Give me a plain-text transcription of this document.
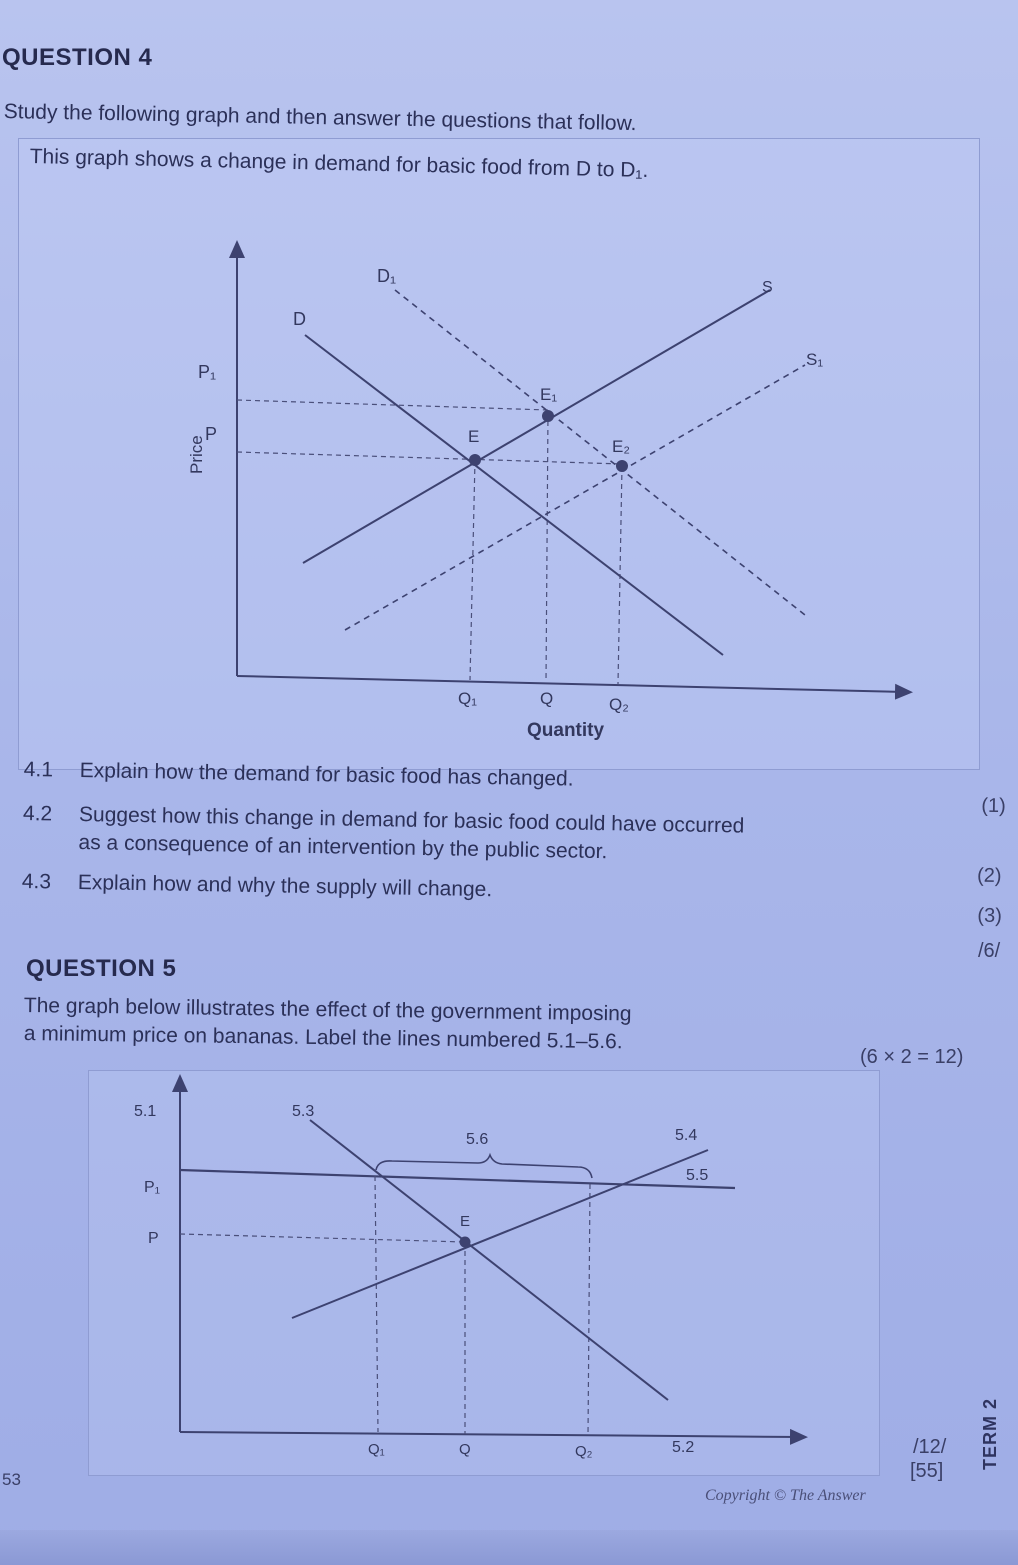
QUESTION 4
Study the following graph and then answer the questions that follow.
This graph shows a change in demand for basic food from D to D₁.
Price
Quantity
P₁
P
Q₁	Q	Q₂
D₁
D
S
S₁
E₁
E
E₂
4.1 Explain how the demand for basic food has changed.
(1)
4.2 Suggest how this change in demand for basic food could have occurred
as a consequence of an intervention by the public sector.
(2)
4.3 Explain how and why the supply will change.
(3)
/6/
QUESTION 5
The graph below illustrates the effect of the government imposing
a minimum price on bananas. Label the lines numbered 5.1–5.6.
(6 × 2 = 12)
5.1	5.3
5.6	5.4
5.5
5.2
P₁
P
E
Q₁	Q	Q₂	/12/
[55]
TERM 2
53
Copyright © The Answer
